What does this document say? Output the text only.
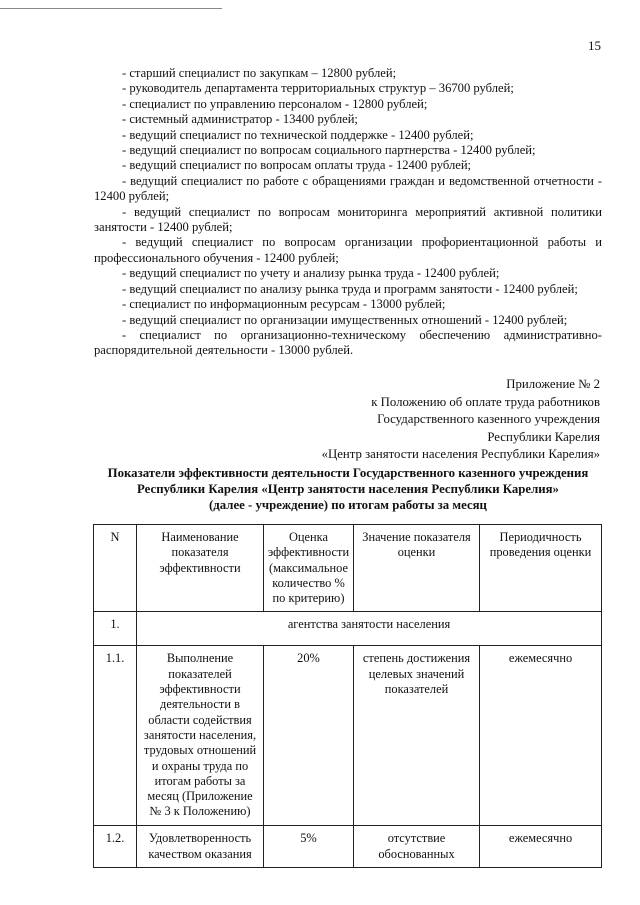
15

- старший специалист по закупкам – 12800 рублей;

- руководитель департамента территориальных структур – 36700 рублей;

- специалист по управлению персоналом - 12800 рублей;

- системный администратор - 13400 рублей;

- ведущий специалист по технической поддержке - 12400 рублей;

- ведущий специалист по вопросам социального партнерства - 12400 рублей;

- ведущий специалист по вопросам оплаты труда - 12400 рублей;

- ведущий специалист по работе с обращениями граждан и ведомственной отчетности - 12400 рублей;

- ведущий специалист по вопросам мониторинга мероприятий активной политики занятости - 12400 рублей;

- ведущий специалист по вопросам организации профориентационной работы и профессионального обучения - 12400 рублей;

- ведущий специалист по учету и анализу рынка труда - 12400 рублей;

- ведущий специалист по анализу рынка труда и программ занятости - 12400 рублей;

- специалист по информационным ресурсам - 13000 рублей;

- ведущий специалист по организации имущественных отношений - 12400 рублей;

- специалист по организационно-техническому обеспечению административно-распорядительной деятельности - 13000 рублей.

Приложение № 2
к Положению об оплате труда работников
Государственного казенного учреждения
Республики Карелия
«Центр занятости населения Республики Карелия»
Показатели эффективности деятельности Государственного казенного учреждения
Республики Карелия «Центр занятости населения Республики Карелия»
(далее - учреждение) по итогам работы за месяц
N	Наименование показателя эффективности	Оценка эффективности (максимальное количество % по критерию)	Значение показателя оценки	Периодичность проведения оценки
1.	агентства занятости населения			
1.1.	Выполнение показателей эффективности деятельности в области содействия занятости населения, трудовых отношений и охраны труда по итогам работы за месяц (Приложение № 3 к Положению)	20%	степень достижения целевых значений показателей	ежемесячно
1.2.	Удовлетворенность качеством оказания	5%	отсутствие обоснованных	ежемесячно
